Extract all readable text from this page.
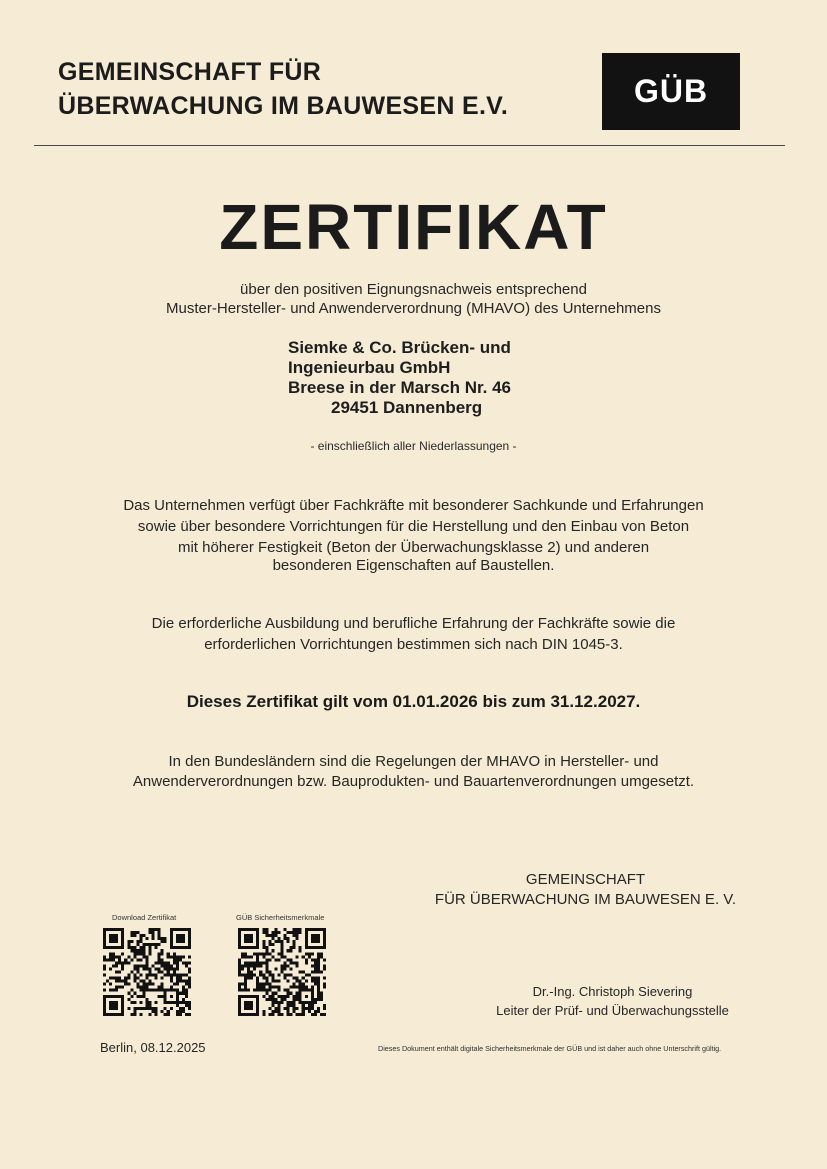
GEMEINSCHAFT FÜR
ÜBERWACHUNG IM BAUWESEN E.V.	GÜB
ZERTIFIKAT
über den positiven Eignungsnachweis entsprechend
Muster-Hersteller- und Anwenderverordnung (MHAVO) des Unternehmens
Siemke & Co. Brücken- und
Ingenieurbau GmbH
Breese in der Marsch Nr. 46
29451 Dannenberg
- einschließlich aller Niederlassungen -
Das Unternehmen verfügt über Fachkräfte mit besonderer Sachkunde und Erfahrungen
sowie über besondere Vorrichtungen für die Herstellung und den Einbau von Beton
mit höherer Festigkeit (Beton der Überwachungsklasse 2) und anderen
besonderen Eigenschaften auf Baustellen.
Die erforderliche Ausbildung und berufliche Erfahrung der Fachkräfte sowie die
erforderlichen Vorrichtungen bestimmen sich nach DIN 1045-3.
Dieses Zertifikat gilt vom 01.01.2026 bis zum 31.12.2027.
In den Bundesländern sind die Regelungen der MHAVO in Hersteller- und
Anwenderverordnungen bzw. Bauprodukten- und Bauartenverordnungen umgesetzt.
GEMEINSCHAFT
FÜR ÜBERWACHUNG IM BAUWESEN E. V.
Download Zertifikat	GÜB Sicherheitsmerkmale
Dr.-Ing. Christoph Sievering
Leiter der Prüf- und Überwachungsstelle
Berlin, 08.12.2025	Dieses Dokument enthält digitale Sicherheitsmerkmale der GÜB und ist daher auch ohne Unterschrift gültig.
